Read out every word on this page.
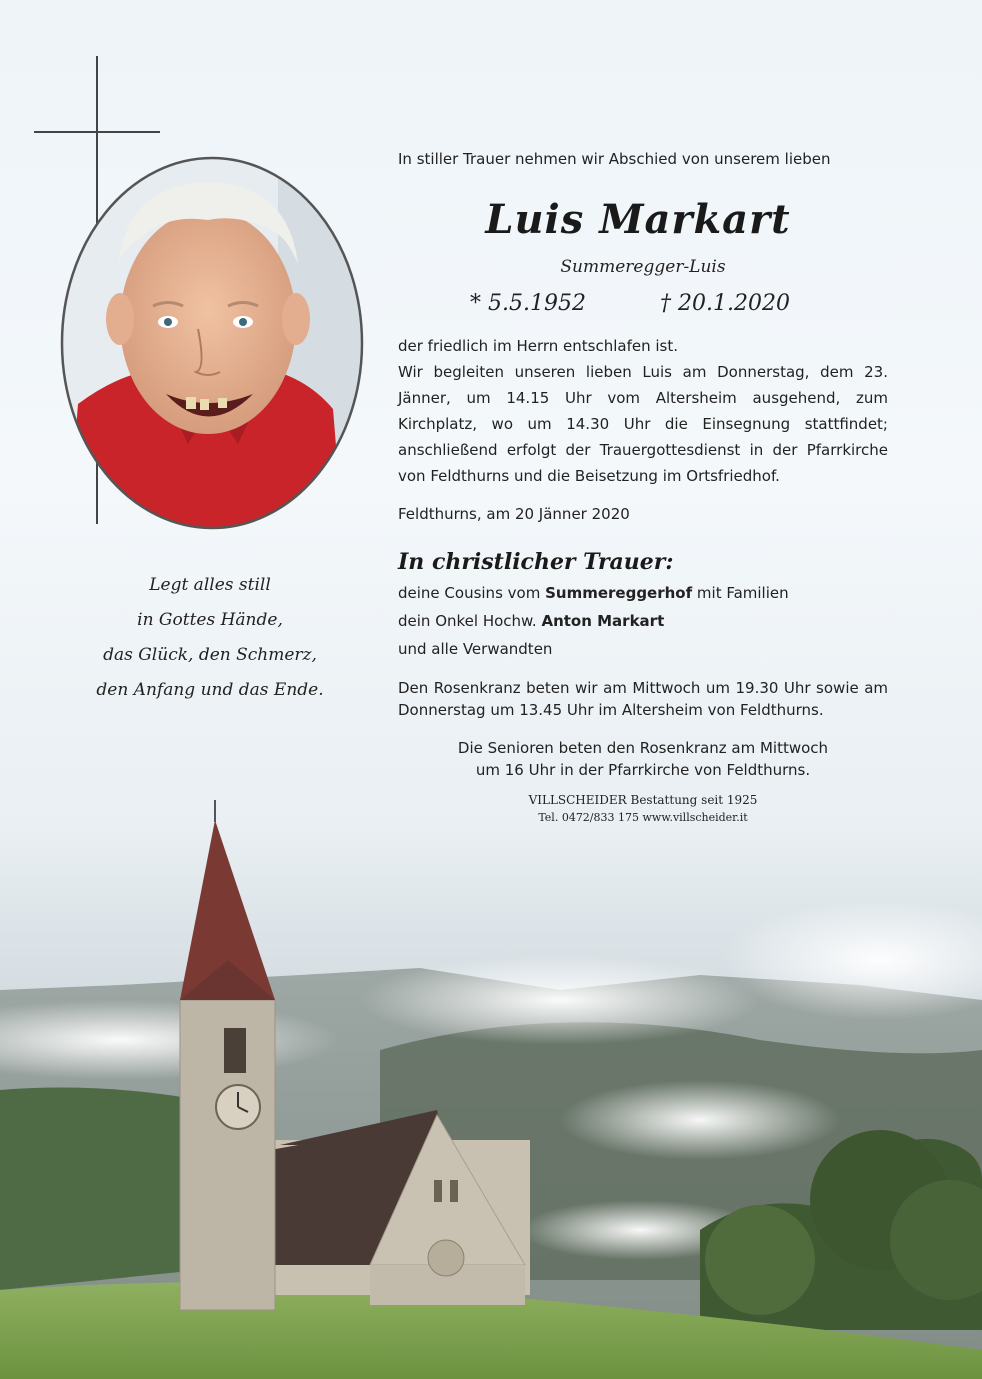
Legt alles still
in Gottes Hände,
das Glück, den Schmerz,
den Anfang und das Ende.
In stiller Trauer nehmen wir Abschied von unserem lieben
Luis Markart
Summeregger-Luis
* 5.5.1952	† 20.1.2020

der friedlich im Herrn entschlafen ist.

Wir begleiten unseren lieben Luis am Donnerstag, dem 23. Jänner, um 14.15 Uhr vom Altersheim ausgehend, zum Kirchplatz, wo um 14.30 Uhr die Einsegnung stattfindet; anschließend erfolgt der Trauergottesdienst in der Pfarrkirche von Feldthurns und die Beisetzung im Ortsfriedhof.

Feldthurns, am 20 Jänner 2020
In christlicher Trauer:
deine Cousins vom Summereggerhof mit Familien
dein Onkel Hochw. Anton Markart
und alle Verwandten
Den Rosenkranz beten wir am Mittwoch um 19.30 Uhr sowie am Donnerstag um 13.45 Uhr im Altersheim von Feldthurns.
Die Senioren beten den Rosenkranz am Mittwoch
um 16 Uhr in der Pfarrkirche von Feldthurns.
VILLSCHEIDER Bestattung seit 1925
Tel. 0472/833 175 www.villscheider.it
